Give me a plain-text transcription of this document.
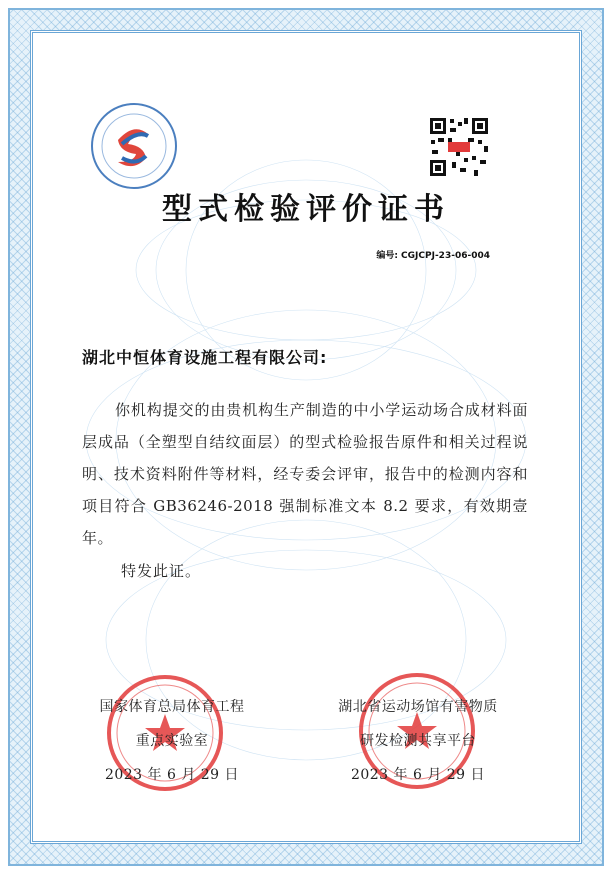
型式检验评价证书
编号: CGJCPJ-23-06-004
湖北中恒体育设施工程有限公司:
你机构提交的由贵机构生产制造的中小学运动场合成材料面层成品（全塑型自结纹面层）的型式检验报告原件和相关过程说明、技术资料附件等材料，经专委会评审，报告中的检测内容和项目符合 GB36246-2018 强制标准文本 8.2 要求，有效期壹年。
特发此证。
国家体育总局体育工程
重点实验室
2023 年 6 月 29 日
湖北省运动场馆有害物质
研发检测共享平台
2023 年 6 月 29 日
